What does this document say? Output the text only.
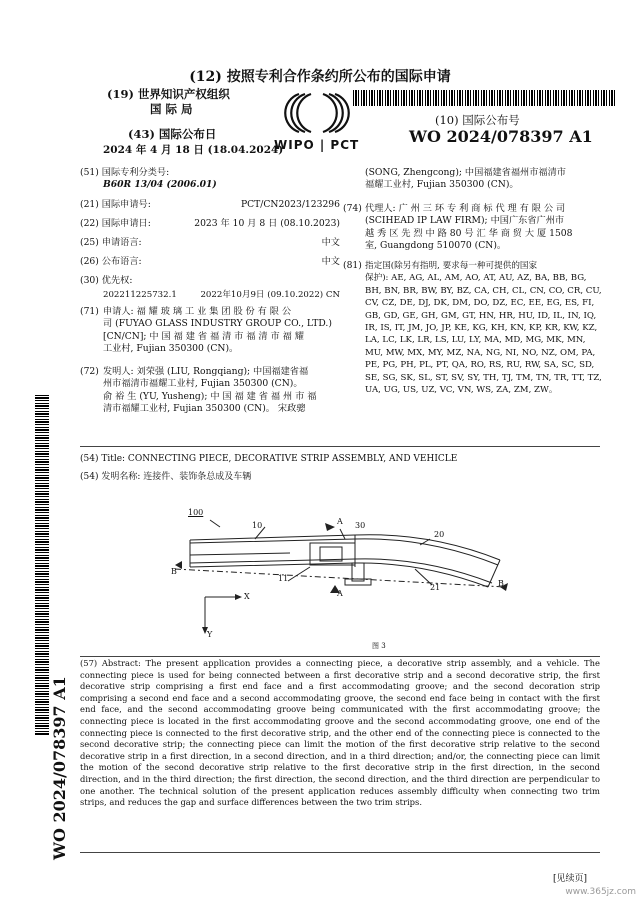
(12) 按照专利合作条约所公布的国际申请
(19) 世界知识产权组织
国 际 局
(43) 国际公布日
2024 年 4 月 18 日 (18.04.2024)
WIPO | PCT
(10) 国际公布号
WO 2024/078397 A1
(51) 国际专利分类号:
B60R 13/04 (2006.01)
(21) 国际申请号:	PCT/CN2023/123296
(22) 国际申请日:	2023 年 10 月 8 日 (08.10.2023)
(25) 申请语言:	中文
(26) 公布语言:	中文
(30) 优先权:
202211225732.1	2022年10月9日 (09.10.2022) CN
(71) 申请人: 福 耀 玻 璃 工 业 集 团 股 份 有 限 公
司 (FUYAO GLASS INDUSTRY GROUP CO., LTD.)
[CN/CN]; 中 国 福 建 省 福 清 市 福 清 市 福 耀
工业村, Fujian 350300 (CN)。
(72) 发明人: 刘荣强 (LIU, Rongqiang); 中国福建省福
州市福清市福耀工业村, Fujian 350300 (CN)。
俞 裕 生 (YU, Yusheng); 中 国 福 建 省 福 州 市 福
清市福耀工业村, Fujian 350300 (CN)。 宋政骢
(SONG, Zhengcong); 中国福建省福州市福清市
福耀工业村, Fujian 350300 (CN)。
(74) 代理人: 广 州 三 环 专 利 商 标 代 理 有 限 公 司
(SCIHEAD IP LAW FIRM); 中国广东省广州市
越 秀 区 先 烈 中 路 80 号 汇 华 商 贸 大 厦 1508
室, Guangdong 510070 (CN)。
(81) 指定国(除另有指明, 要求每一种可提供的国家
保护): AE, AG, AL, AM, AO, AT, AU, AZ, BA, BB, BG,
BH, BN, BR, BW, BY, BZ, CA, CH, CL, CN, CO, CR, CU,
CV, CZ, DE, DJ, DK, DM, DO, DZ, EC, EE, EG, ES, FI,
GB, GD, GE, GH, GM, GT, HN, HR, HU, ID, IL, IN, IQ,
IR, IS, IT, JM, JO, JP, KE, KG, KH, KN, KP, KR, KW, KZ,
LA, LC, LK, LR, LS, LU, LY, MA, MD, MG, MK, MN,
MU, MW, MX, MY, MZ, NA, NG, NI, NO, NZ, OM, PA,
PE, PG, PH, PL, PT, QA, RO, RS, RU, RW, SA, SC, SD,
SE, SG, SK, SL, ST, SV, SY, TH, TJ, TM, TN, TR, TT, TZ,
UA, UG, US, UZ, VC, VN, WS, ZA, ZM, ZW。
WO 2024/078397 A1
(54) Title: CONNECTING PIECE, DECORATIVE STRIP ASSEMBLY, AND VEHICLE
(54) 发明名称: 连接件、装饰条总成及车辆
100
10	A 30
20
B
11
A
21	B
X
Y
图 3
(57) Abstract: The present application provides a connecting piece, a decorative strip assembly, and a vehicle. The connecting piece is used for being connected between a first decorative strip and a second decorative strip, the first decorative strip comprising a first end face and a first accommodating groove; and the second decoration strip comprising a second end face and a second accommodating groove, the second end face being in contact with the first end face, and the second accommodating groove being communicated with the first accommodating groove; the connecting piece is located in the first accommodating groove and the second accommodating groove, one end of the connecting piece is connected to the first decorative strip, and the other end of the connecting piece is connected to the second decorative strip; the connecting piece can limit the motion of the first decorative strip relative to the second decorative strip in a first direction, in a second direction, and in a third direction; and/or, the connecting piece can limit the motion of the second decorative strip relative to the first decorative strip in the first direction, in the second direction, and in the third direction; the first direction, the second direction, and the third direction are perpendicular to one another. The technical solution of the present application reduces assembly difficulty when connecting two trim strips, and reduces the gap and surface differences between the two trim strips.
[见续页]
www.365jz.com
